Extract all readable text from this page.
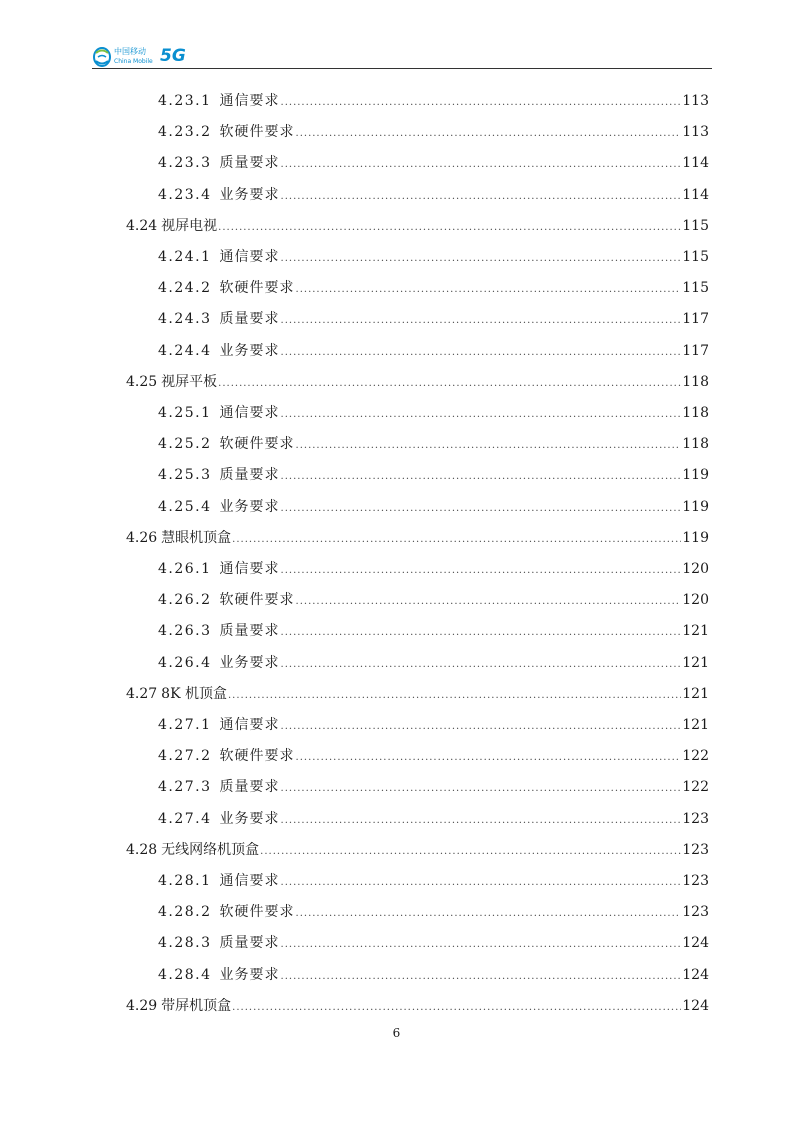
中国移动
China Mobile 5G
4.23.1 通信要求 .....	113
4.23.2 软硬件要求 .....	113
4.23.3 质量要求 .....	114
4.23.4 业务要求 .....	114
4.24 视屏电视 .....	115
4.24.1 通信要求 .....	115
4.24.2 软硬件要求 .....	115
4.24.3 质量要求 .....	117
4.24.4 业务要求 .....	117
4.25 视屏平板 .....	118
4.25.1 通信要求 .....	118
4.25.2 软硬件要求 .....	118
4.25.3 质量要求 .....	119
4.25.4 业务要求 .....	119
4.26 慧眼机顶盒 .....	119
4.26.1 通信要求 .....	120
4.26.2 软硬件要求 .....	120
4.26.3 质量要求 .....	121
4.26.4 业务要求 .....	121
4.27 8K 机顶盒 .....	121
4.27.1 通信要求 .....	121
4.27.2 软硬件要求 .....	122
4.27.3 质量要求 .....	122
4.27.4 业务要求 .....	123
4.28 无线网络机顶盒 .....	123
4.28.1 通信要求 .....	123
4.28.2 软硬件要求 .....	123
4.28.3 质量要求 .....	124
4.28.4 业务要求 .....	124
4.29 带屏机顶盒 .....	124
6
